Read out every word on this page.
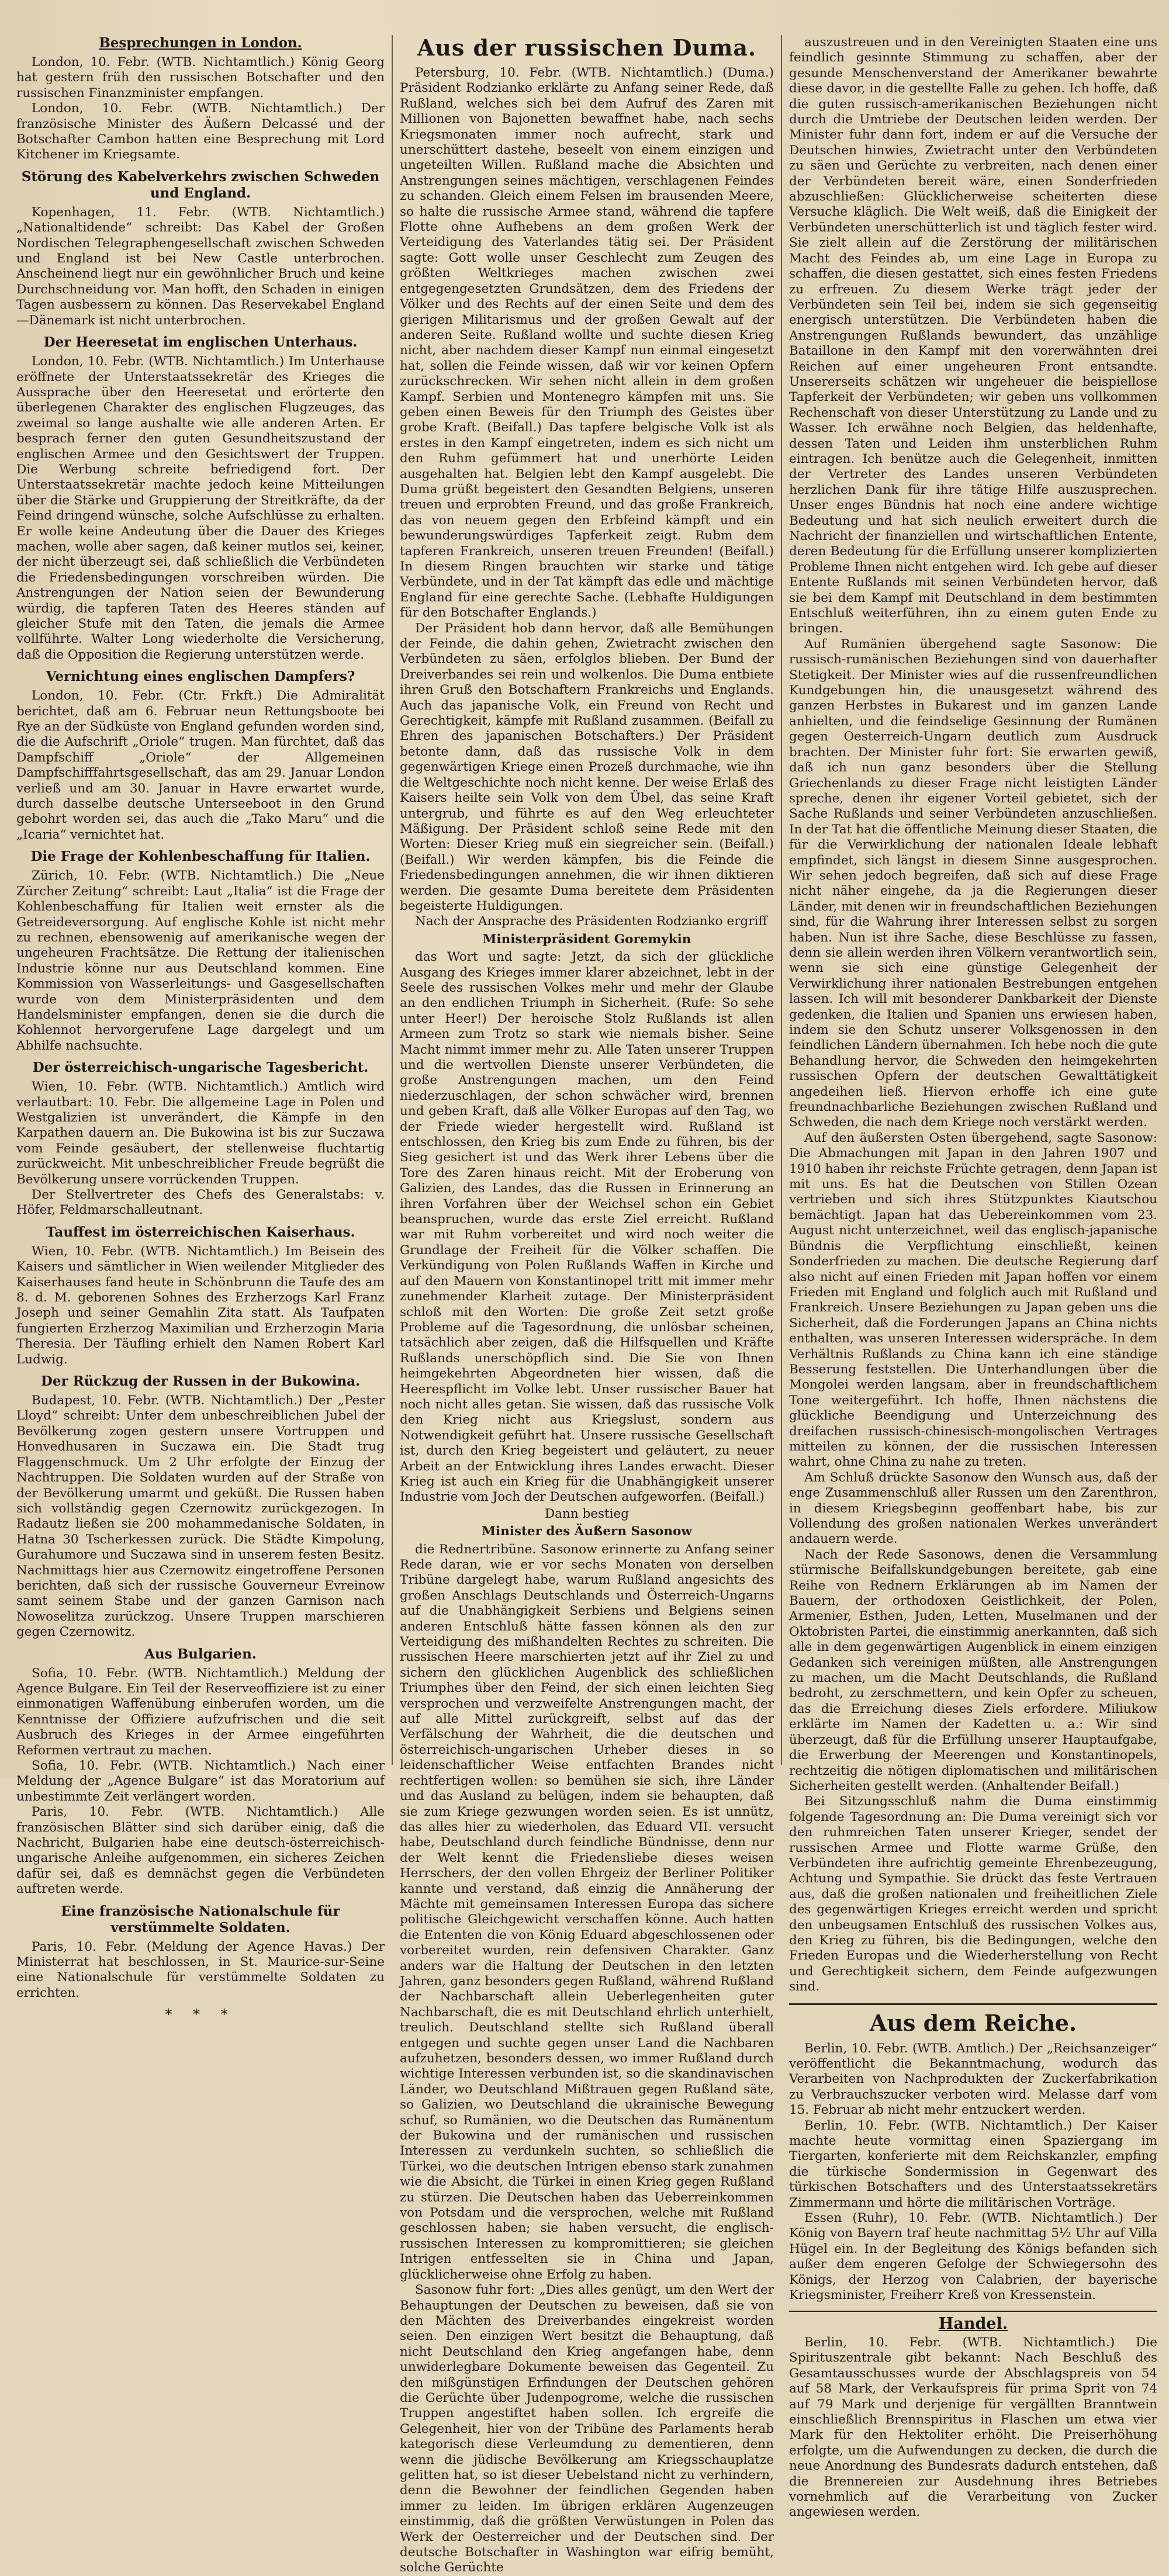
Besprechungen in London.

London, 10. Febr. (WTB. Nichtamtlich.) König Georg hat gestern früh den russischen Botschafter und den russischen Finanzminister empfangen.

London, 10. Febr. (WTB. Nichtamtlich.) Der französische Minister des Äußern Delcassé und der Botschafter Cambon hatten eine Besprechung mit Lord Kitchener im Kriegsamte.

Störung des Kabelverkehrs zwischen Schweden und England.

Kopenhagen, 11. Febr. (WTB. Nichtamtlich.) „Nationaltidende“ schreibt: Das Kabel der Großen Nordischen Telegraphengesellschaft zwischen Schweden und England ist bei New Castle unterbrochen. Anscheinend liegt nur ein gewöhnlicher Bruch und keine Durchschneidung vor. Man hofft, den Schaden in einigen Tagen ausbessern zu können. Das Reservekabel England—Dänemark ist nicht unterbrochen.

Der Heeresetat im englischen Unterhaus.

London, 10. Febr. (WTB. Nichtamtlich.) Im Unterhause eröffnete der Unterstaatssekretär des Krieges die Aussprache über den Heeresetat und erörterte den überlegenen Charakter des englischen Flugzeuges, das zweimal so lange aushalte wie alle anderen Arten. Er besprach ferner den guten Gesundheitszustand der englischen Armee und den Gesichtswert der Truppen. Die Werbung schreite befriedigend fort. Der Unterstaatssekretär machte jedoch keine Mitteilungen über die Stärke und Gruppierung der Streitkräfte, da der Feind dringend wünsche, solche Aufschlüsse zu erhalten. Er wolle keine Andeutung über die Dauer des Krieges machen, wolle aber sagen, daß keiner mutlos sei, keiner, der nicht überzeugt sei, daß schließlich die Verbündeten die Friedensbedingungen vorschreiben würden. Die Anstrengungen der Nation seien der Bewunderung würdig, die tapferen Taten des Heeres ständen auf gleicher Stufe mit den Taten, die jemals die Armee vollführte. Walter Long wiederholte die Versicherung, daß die Opposition die Regierung unterstützen werde.

Vernichtung eines englischen Dampfers?

London, 10. Febr. (Ctr. Frkft.) Die Admiralität berichtet, daß am 6. Februar neun Rettungsboote bei Rye an der Südküste von England gefunden worden sind, die die Aufschrift „Oriole“ trugen. Man fürchtet, daß das Dampfschiff „Oriole“ der Allgemeinen Dampfschifffahrtsgesellschaft, das am 29. Januar London verließ und am 30. Januar in Havre erwartet wurde, durch dasselbe deutsche Unterseeboot in den Grund gebohrt worden sei, das auch die „Tako Maru“ und die „Icaria“ vernichtet hat.

Die Frage der Kohlenbeschaffung für Italien.

Zürich, 10. Febr. (WTB. Nichtamtlich.) Die „Neue Zürcher Zeitung“ schreibt: Laut „Italia“ ist die Frage der Kohlenbeschaffung für Italien weit ernster als die Getreideversorgung. Auf englische Kohle ist nicht mehr zu rechnen, ebensowenig auf amerikanische wegen der ungeheuren Frachtsätze. Die Rettung der italienischen Industrie könne nur aus Deutschland kommen. Eine Kommission von Wasserleitungs- und Gasgesellschaften wurde von dem Ministerpräsidenten und dem Handelsminister empfangen, denen sie die durch die Kohlennot hervorgerufene Lage dargelegt und um Abhilfe nachsuchte.

Der österreichisch-ungarische Tagesbericht.

Wien, 10. Febr. (WTB. Nichtamtlich.) Amtlich wird verlautbart: 10. Febr. Die allgemeine Lage in Polen und Westgalizien ist unverändert, die Kämpfe in den Karpathen dauern an. Die Bukowina ist bis zur Suczawa vom Feinde gesäubert, der stellenweise fluchtartig zurückweicht. Mit unbeschreiblicher Freude begrüßt die Bevölkerung unsere vorrückenden Truppen.

Der Stellvertreter des Chefs des Generalstabs: v. Höfer, Feldmarschalleutnant.

Tauffest im österreichischen Kaiserhaus.

Wien, 10. Febr. (WTB. Nichtamtlich.) Im Beisein des Kaisers und sämtlicher in Wien weilender Mitglieder des Kaiserhauses fand heute in Schönbrunn die Taufe des am 8. d. M. geborenen Sohnes des Erzherzogs Karl Franz Joseph und seiner Gemahlin Zita statt. Als Taufpaten fungierten Erzherzog Maximilian und Erzherzogin Maria Theresia. Der Täufling erhielt den Namen Robert Karl Ludwig.

Der Rückzug der Russen in der Bukowina.

Budapest, 10. Febr. (WTB. Nichtamtlich.) Der „Pester Lloyd“ schreibt: Unter dem unbeschreiblichen Jubel der Bevölkerung zogen gestern unsere Vortruppen und Honvedhusaren in Suczawa ein. Die Stadt trug Flaggenschmuck. Um 2 Uhr erfolgte der Einzug der Nachtruppen. Die Soldaten wurden auf der Straße von der Bevölkerung umarmt und geküßt. Die Russen haben sich vollständig gegen Czernowitz zurückgezogen. In Radautz ließen sie 200 mohammedanische Soldaten, in Hatna 30 Tscherkessen zurück. Die Städte Kimpolung, Gurahumore und Suczawa sind in unserem festen Besitz. Nachmittags hier aus Czernowitz eingetroffene Personen berichten, daß sich der russische Gouverneur Evreinow samt seinem Stabe und der ganzen Garnison nach Nowoselitza zurückzog. Unsere Truppen marschieren gegen Czernowitz.

Aus Bulgarien.

Sofia, 10. Febr. (WTB. Nichtamtlich.) Meldung der Agence Bulgare. Ein Teil der Reserveoffiziere ist zu einer einmonatigen Waffenübung einberufen worden, um die Kenntnisse der Offiziere aufzufrischen und die seit Ausbruch des Krieges in der Armee eingeführten Reformen vertraut zu machen.

Sofia, 10. Febr. (WTB. Nichtamtlich.) Nach einer Meldung der „Agence Bulgare“ ist das Moratorium auf unbestimmte Zeit verlängert worden.

Paris, 10. Febr. (WTB. Nichtamtlich.) Alle französischen Blätter sind sich darüber einig, daß die Nachricht, Bulgarien habe eine deutsch-österreichisch-ungarische Anleihe aufgenommen, ein sicheres Zeichen dafür sei, daß es demnächst gegen die Verbündeten auftreten werde.

Eine französische Nationalschule für verstümmelte Soldaten.

Paris, 10. Febr. (Meldung der Agence Havas.) Der Ministerrat hat beschlossen, in St. Maurice-sur-Seine eine Nationalschule für verstümmelte Soldaten zu errichten.

* * *
Aus der russischen Duma.

Petersburg, 10. Febr. (WTB. Nichtamtlich.) (Duma.) Präsident Rodzianko erklärte zu Anfang seiner Rede, daß Rußland, welches sich bei dem Aufruf des Zaren mit Millionen von Bajonetten bewaffnet habe, nach sechs Kriegsmonaten immer noch aufrecht, stark und unerschüttert dastehe, beseelt von einem einzigen und ungeteilten Willen. Rußland mache die Absichten und Anstrengungen seines mächtigen, verschlagenen Feindes zu schanden. Gleich einem Felsen im brausenden Meere, so halte die russische Armee stand, während die tapfere Flotte ohne Aufhebens an dem großen Werk der Verteidigung des Vaterlandes tätig sei. Der Präsident sagte: Gott wolle unser Geschlecht zum Zeugen des größten Weltkrieges machen zwischen zwei entgegengesetzten Grundsätzen, dem des Friedens der Völker und des Rechts auf der einen Seite und dem des gierigen Militarismus und der großen Gewalt auf der anderen Seite. Rußland wollte und suchte diesen Krieg nicht, aber nachdem dieser Kampf nun einmal eingesetzt hat, sollen die Feinde wissen, daß wir vor keinen Opfern zurückschrecken. Wir sehen nicht allein in dem großen Kampf. Serbien und Montenegro kämpfen mit uns. Sie geben einen Beweis für den Triumph des Geistes über grobe Kraft. (Beifall.) Das tapfere belgische Volk ist als erstes in den Kampf eingetreten, indem es sich nicht um den Ruhm gefümmert hat und unerhörte Leiden ausgehalten hat. Belgien lebt den Kampf ausgelebt. Die Duma grüßt begeistert den Gesandten Belgiens, unseren treuen und erprobten Freund, und das große Frankreich, das von neuem gegen den Erbfeind kämpft und ein bewunderungswürdiges Tapferkeit zeigt. Rubm dem tapferen Frankreich, unseren treuen Freunden! (Beifall.) In diesem Ringen brauchten wir starke und tätige Verbündete, und in der Tat kämpft das edle und mächtige England für eine gerechte Sache. (Lebhafte Huldigungen für den Botschafter Englands.)

Der Präsident hob dann hervor, daß alle Bemühungen der Feinde, die dahin gehen, Zwietracht zwischen den Verbündeten zu säen, erfolglos blieben. Der Bund der Dreiverbandes sei rein und wolkenlos. Die Duma entbiete ihren Gruß den Botschaftern Frankreichs und Englands. Auch das japanische Volk, ein Freund von Recht und Gerechtigkeit, kämpfe mit Rußland zusammen. (Beifall zu Ehren des japanischen Botschafters.) Der Präsident betonte dann, daß das russische Volk in dem gegenwärtigen Kriege einen Prozeß durchmache, wie ihn die Weltgeschichte noch nicht kenne. Der weise Erlaß des Kaisers heilte sein Volk von dem Übel, das seine Kraft untergrub, und führte es auf den Weg erleuchteter Mäßigung. Der Präsident schloß seine Rede mit den Worten: Dieser Krieg muß ein siegreicher sein. (Beifall.) (Beifall.) Wir werden kämpfen, bis die Feinde die Friedensbedingungen annehmen, die wir ihnen diktieren werden. Die gesamte Duma bereitete dem Präsidenten begeisterte Huldigungen.

Nach der Ansprache des Präsidenten Rodzianko ergriff

Ministerpräsident Goremykin

das Wort und sagte: Jetzt, da sich der glückliche Ausgang des Krieges immer klarer abzeichnet, lebt in der Seele des russischen Volkes mehr und mehr der Glaube an den endlichen Triumph in Sicherheit. (Rufe: So sehe unter Heer!) Der heroische Stolz Rußlands ist allen Armeen zum Trotz so stark wie niemals bisher. Seine Macht nimmt immer mehr zu. Alle Taten unserer Truppen und die wertvollen Dienste unserer Verbündeten, die große Anstrengungen machen, um den Feind niederzuschlagen, der schon schwächer wird, brennen und geben Kraft, daß alle Völker Europas auf den Tag, wo der Friede wieder hergestellt wird. Rußland ist entschlossen, den Krieg bis zum Ende zu führen, bis der Sieg gesichert ist und das Werk ihrer Lebens über die Tore des Zaren hinaus reicht. Mit der Eroberung von Galizien, des Landes, das die Russen in Erinnerung an ihren Vorfahren über der Weichsel schon ein Gebiet beanspruchen, wurde das erste Ziel erreicht. Rußland war mit Ruhm vorbereitet und wird noch weiter die Grundlage der Freiheit für die Völker schaffen. Die Verkündigung von Polen Rußlands Waffen in Kirche und auf den Mauern von Konstantinopel tritt mit immer mehr zunehmender Klarheit zutage. Der Ministerpräsident schloß mit den Worten: Die große Zeit setzt große Probleme auf die Tagesordnung, die unlösbar scheinen, tatsächlich aber zeigen, daß die Hilfsquellen und Kräfte Rußlands unerschöpflich sind. Die Sie von Ihnen heimgekehrten Abgeordneten hier wissen, daß die Heerespflicht im Volke lebt. Unser russischer Bauer hat noch nicht alles getan. Sie wissen, daß das russische Volk den Krieg nicht aus Kriegslust, sondern aus Notwendigkeit geführt hat. Unsere russische Gesellschaft ist, durch den Krieg begeistert und geläutert, zu neuer Arbeit an der Entwicklung ihres Landes erwacht. Dieser Krieg ist auch ein Krieg für die Unabhängigkeit unserer Industrie vom Joch der Deutschen aufgeworfen. (Beifall.)

Dann bestieg

Minister des Äußern Sasonow

die Rednertribüne. Sasonow erinnerte zu Anfang seiner Rede daran, wie er vor sechs Monaten von derselben Tribüne dargelegt habe, warum Rußland angesichts des großen Anschlags Deutschlands und Österreich-Ungarns auf die Unabhängigkeit Serbiens und Belgiens seinen anderen Entschluß hätte fassen können als den zur Verteidigung des mißhandelten Rechtes zu schreiten. Die russischen Heere marschierten jetzt auf ihr Ziel zu und sichern den glücklichen Augenblick des schließlichen Triumphes über den Feind, der sich einen leichten Sieg versprochen und verzweifelte Anstrengungen macht, der auf alle Mittel zurückgreift, selbst auf das der Verfälschung der Wahrheit, die die deutschen und österreichisch-ungarischen Urheber dieses in so leidenschaftlicher Weise entfachten Brandes nicht rechtfertigen wollen: so bemühen sie sich, ihre Länder und das Ausland zu belügen, indem sie behaupten, daß sie zum Kriege gezwungen worden seien. Es ist unnütz, das alles hier zu wiederholen, das Eduard VII. versucht habe, Deutschland durch feindliche Bündnisse, denn nur der Welt kennt die Friedensliebe dieses weisen Herrschers, der den vollen Ehrgeiz der Berliner Politiker kannte und verstand, daß einzig die Annäherung der Mächte mit gemeinsamen Interessen Europa das sichere politische Gleichgewicht verschaffen könne. Auch hatten die Ententen die von König Eduard abgeschlossenen oder vorbereitet wurden, rein defensiven Charakter. Ganz anders war die Haltung der Deutschen in den letzten Jahren, ganz besonders gegen Rußland, während Rußland der Nachbarschaft allein Ueberlegenheiten guter Nachbarschaft, die es mit Deutschland ehrlich unterhielt, treulich. Deutschland stellte sich Rußland überall entgegen und suchte gegen unser Land die Nachbaren aufzuhetzen, besonders dessen, wo immer Rußland durch wichtige Interessen verbunden ist, so die skandinavischen Länder, wo Deutschland Mißtrauen gegen Rußland säte, so Galizien, wo Deutschland die ukrainische Bewegung schuf, so Rumänien, wo die Deutschen das Rumänentum der Bukowina und der rumänischen und russischen Interessen zu verdunkeln suchten, so schließlich die Türkei, wo die deutschen Intrigen ebenso stark zunahmen wie die Absicht, die Türkei in einen Krieg gegen Rußland zu stürzen. Die Deutschen haben das Ueberreinkommen von Potsdam und die versprochen, welche mit Rußland geschlossen haben; sie haben versucht, die englisch-russischen Interessen zu kompromittieren; sie gleichen Intrigen entfesselten sie in China und Japan, glücklicherweise ohne Erfolg zu haben.

Sasonow fuhr fort: „Dies alles genügt, um den Wert der Behauptungen der Deutschen zu beweisen, daß sie von den Mächten des Dreiverbandes eingekreist worden seien. Den einzigen Wert besitzt die Behauptung, daß nicht Deutschland den Krieg angefangen habe, denn unwiderlegbare Dokumente beweisen das Gegenteil. Zu den mißgünstigen Erfindungen der Deutschen gehören die Gerüchte über Judenpogrome, welche die russischen Truppen angestiftet haben sollen. Ich ergreife die Gelegenheit, hier von der Tribüne des Parlaments herab kategorisch diese Verleumdung zu dementieren, denn wenn die jüdische Bevölkerung am Kriegsschauplatze gelitten hat, so ist dieser Uebelstand nicht zu verhindern, denn die Bewohner der feindlichen Gegenden haben immer zu leiden. Im übrigen erklären Augenzeugen einstimmig, daß die größten Verwüstungen in Polen das Werk der Oesterreicher und der Deutschen sind. Der deutsche Botschafter in Washington war eifrig bemüht, solche Gerüchte

auszustreuen und in den Vereinigten Staaten eine uns feindlich gesinnte Stimmung zu schaffen, aber der gesunde Menschenverstand der Amerikaner bewahrte diese davor, in die gestellte Falle zu gehen. Ich hoffe, daß die guten russisch-amerikanischen Beziehungen nicht durch die Umtriebe der Deutschen leiden werden. Der Minister fuhr dann fort, indem er auf die Versuche der Deutschen hinwies, Zwietracht unter den Verbündeten zu säen und Gerüchte zu verbreiten, nach denen einer der Verbündeten bereit wäre, einen Sonderfrieden abzuschließen: Glücklicherweise scheiterten diese Versuche kläglich. Die Welt weiß, daß die Einigkeit der Verbündeten unerschütterlich ist und täglich fester wird. Sie zielt allein auf die Zerstörung der militärischen Macht des Feindes ab, um eine Lage in Europa zu schaffen, die diesen gestattet, sich eines festen Friedens zu erfreuen. Zu diesem Werke trägt jeder der Verbündeten sein Teil bei, indem sie sich gegenseitig energisch unterstützen. Die Verbündeten haben die Anstrengungen Rußlands bewundert, das unzählige Bataillone in den Kampf mit den vorerwähnten drei Reichen auf einer ungeheuren Front entsandte. Unsererseits schätzen wir ungeheuer die beispiellose Tapferkeit der Verbündeten; wir geben uns vollkommen Rechenschaft von dieser Unterstützung zu Lande und zu Wasser. Ich erwähne noch Belgien, das heldenhafte, dessen Taten und Leiden ihm unsterblichen Ruhm eintragen. Ich benütze auch die Gelegenheit, inmitten der Vertreter des Landes unseren Verbündeten herzlichen Dank für ihre tätige Hilfe auszusprechen. Unser enges Bündnis hat noch eine andere wichtige Bedeutung und hat sich neulich erweitert durch die Nachricht der finanziellen und wirtschaftlichen Entente, deren Bedeutung für die Erfüllung unserer komplizierten Probleme Ihnen nicht entgehen wird. Ich gebe auf dieser Entente Rußlands mit seinen Verbündeten hervor, daß sie bei dem Kampf mit Deutschland in dem bestimmten Entschluß weiterführen, ihn zu einem guten Ende zu bringen.

Auf Rumänien übergehend sagte Sasonow: Die russisch-rumänischen Beziehungen sind von dauerhafter Stetigkeit. Der Minister wies auf die russenfreundlichen Kundgebungen hin, die unausgesetzt während des ganzen Herbstes in Bukarest und im ganzen Lande anhielten, und die feindselige Gesinnung der Rumänen gegen Oesterreich-Ungarn deutlich zum Ausdruck brachten. Der Minister fuhr fort: Sie erwarten gewiß, daß ich nun ganz besonders über die Stellung Griechenlands zu dieser Frage nicht leistigten Länder spreche, denen ihr eigener Vorteil gebietet, sich der Sache Rußlands und seiner Verbündeten anzuschließen. In der Tat hat die öffentliche Meinung dieser Staaten, die für die Verwirklichung der nationalen Ideale lebhaft empfindet, sich längst in diesem Sinne ausgesprochen. Wir sehen jedoch begreifen, daß sich auf diese Frage nicht näher eingehe, da ja die Regierungen dieser Länder, mit denen wir in freundschaftlichen Beziehungen sind, für die Wahrung ihrer Interessen selbst zu sorgen haben. Nun ist ihre Sache, diese Beschlüsse zu fassen, denn sie allein werden ihren Völkern verantwortlich sein, wenn sie sich eine günstige Gelegenheit der Verwirklichung ihrer nationalen Bestrebungen entgehen lassen. Ich will mit besonderer Dankbarkeit der Dienste gedenken, die Italien und Spanien uns erwiesen haben, indem sie den Schutz unserer Volksgenossen in den feindlichen Ländern übernahmen. Ich hebe noch die gute Behandlung hervor, die Schweden den heimgekehrten russischen Opfern der deutschen Gewalttätigkeit angedeihen ließ. Hiervon erhoffe ich eine gute freundnachbarliche Beziehungen zwischen Rußland und Schweden, die nach dem Kriege noch verstärkt werden.

Auf den äußersten Osten übergehend, sagte Sasonow: Die Abmachungen mit Japan in den Jahren 1907 und 1910 haben ihr reichste Früchte getragen, denn Japan ist mit uns. Es hat die Deutschen von Stillen Ozean vertrieben und sich ihres Stützpunktes Kiautschou bemächtigt. Japan hat das Uebereinkommen vom 23. August nicht unterzeichnet, weil das englisch-japanische Bündnis die Verpflichtung einschließt, keinen Sonderfrieden zu machen. Die deutsche Regierung darf also nicht auf einen Frieden mit Japan hoffen vor einem Frieden mit England und folglich auch mit Rußland und Frankreich. Unsere Beziehungen zu Japan geben uns die Sicherheit, daß die Forderungen Japans an China nichts enthalten, was unseren Interessen widerspräche. In dem Verhältnis Rußlands zu China kann ich eine ständige Besserung feststellen. Die Unterhandlungen über die Mongolei werden langsam, aber in freundschaftlichem Tone weitergeführt. Ich hoffe, Ihnen nächstens die glückliche Beendigung und Unterzeichnung des dreifachen russisch-chinesisch-mongolischen Vertrages mitteilen zu können, der die russischen Interessen wahrt, ohne China zu nahe zu treten.

Am Schluß drückte Sasonow den Wunsch aus, daß der enge Zusammenschluß aller Russen um den Zarenthron, in diesem Kriegsbeginn geoffenbart habe, bis zur Vollendung des großen nationalen Werkes unverändert andauern werde.

Nach der Rede Sasonows, denen die Versammlung stürmische Beifallskundgebungen bereitete, gab eine Reihe von Rednern Erklärungen ab im Namen der Bauern, der orthodoxen Geistlichkeit, der Polen, Armenier, Esthen, Juden, Letten, Muselmanen und der Oktobristen Partei, die einstimmig anerkannten, daß sich alle in dem gegenwärtigen Augenblick in einem einzigen Gedanken sich vereinigen müßten, alle Anstrengungen zu machen, um die Macht Deutschlands, die Rußland bedroht, zu zerschmettern, und kein Opfer zu scheuen, das die Erreichung dieses Ziels erfordere. Miliukow erklärte im Namen der Kadetten u. a.: Wir sind überzeugt, daß für die Erfüllung unserer Hauptaufgabe, die Erwerbung der Meerengen und Konstantinopels, rechtzeitig die nötigen diplomatischen und militärischen Sicherheiten gestellt werden. (Anhaltender Beifall.)

Bei Sitzungsschluß nahm die Duma einstimmig folgende Tagesordnung an: Die Duma vereinigt sich vor den ruhmreichen Taten unserer Krieger, sendet der russischen Armee und Flotte warme Grüße, den Verbündeten ihre aufrichtig gemeinte Ehrenbezeugung, Achtung und Sympathie. Sie drückt das feste Vertrauen aus, daß die großen nationalen und freiheitlichen Ziele des gegenwärtigen Krieges erreicht werden und spricht den unbeugsamen Entschluß des russischen Volkes aus, den Krieg zu führen, bis die Bedingungen, welche den Frieden Europas und die Wiederherstellung von Recht und Gerechtigkeit sichern, dem Feinde aufgezwungen sind.

Aus dem Reiche.

Berlin, 10. Febr. (WTB. Amtlich.) Der „Reichsanzeiger“ veröffentlicht die Bekanntmachung, wodurch das Verarbeiten von Nachprodukten der Zuckerfabrikation zu Verbrauchszucker verboten wird. Melasse darf vom 15. Februar ab nicht mehr entzuckert werden.

Berlin, 10. Febr. (WTB. Nichtamtlich.) Der Kaiser machte heute vormittag einen Spaziergang im Tiergarten, konferierte mit dem Reichskanzler, empfing die türkische Sondermission in Gegenwart des türkischen Botschafters und des Unterstaatssekretärs Zimmermann und hörte die militärischen Vorträge.

Essen (Ruhr), 10. Febr. (WTB. Nichtamtlich.) Der König von Bayern traf heute nachmittag 5½ Uhr auf Villa Hügel ein. In der Begleitung des Königs befanden sich außer dem engeren Gefolge der Schwiegersohn des Königs, der Herzog von Calabrien, der bayerische Kriegsminister, Freiherr Kreß von Kressenstein.

Handel.

Berlin, 10. Febr. (WTB. Nichtamtlich.) Die Spirituszentrale gibt bekannt: Nach Beschluß des Gesamtausschusses wurde der Abschlagspreis von 54 auf 58 Mark, der Verkaufspreis für prima Sprit von 74 auf 79 Mark und derjenige für vergällten Branntwein einschließlich Brennspiritus in Flaschen um etwa vier Mark für den Hektoliter erhöht. Die Preiserhöhung erfolgte, um die Aufwendungen zu decken, die durch die neue Anordnung des Bundesrats dadurch entstehen, daß die Brennereien zur Ausdehnung ihres Betriebes vornehmlich auf die Verarbeitung von Zucker angewiesen werden.
